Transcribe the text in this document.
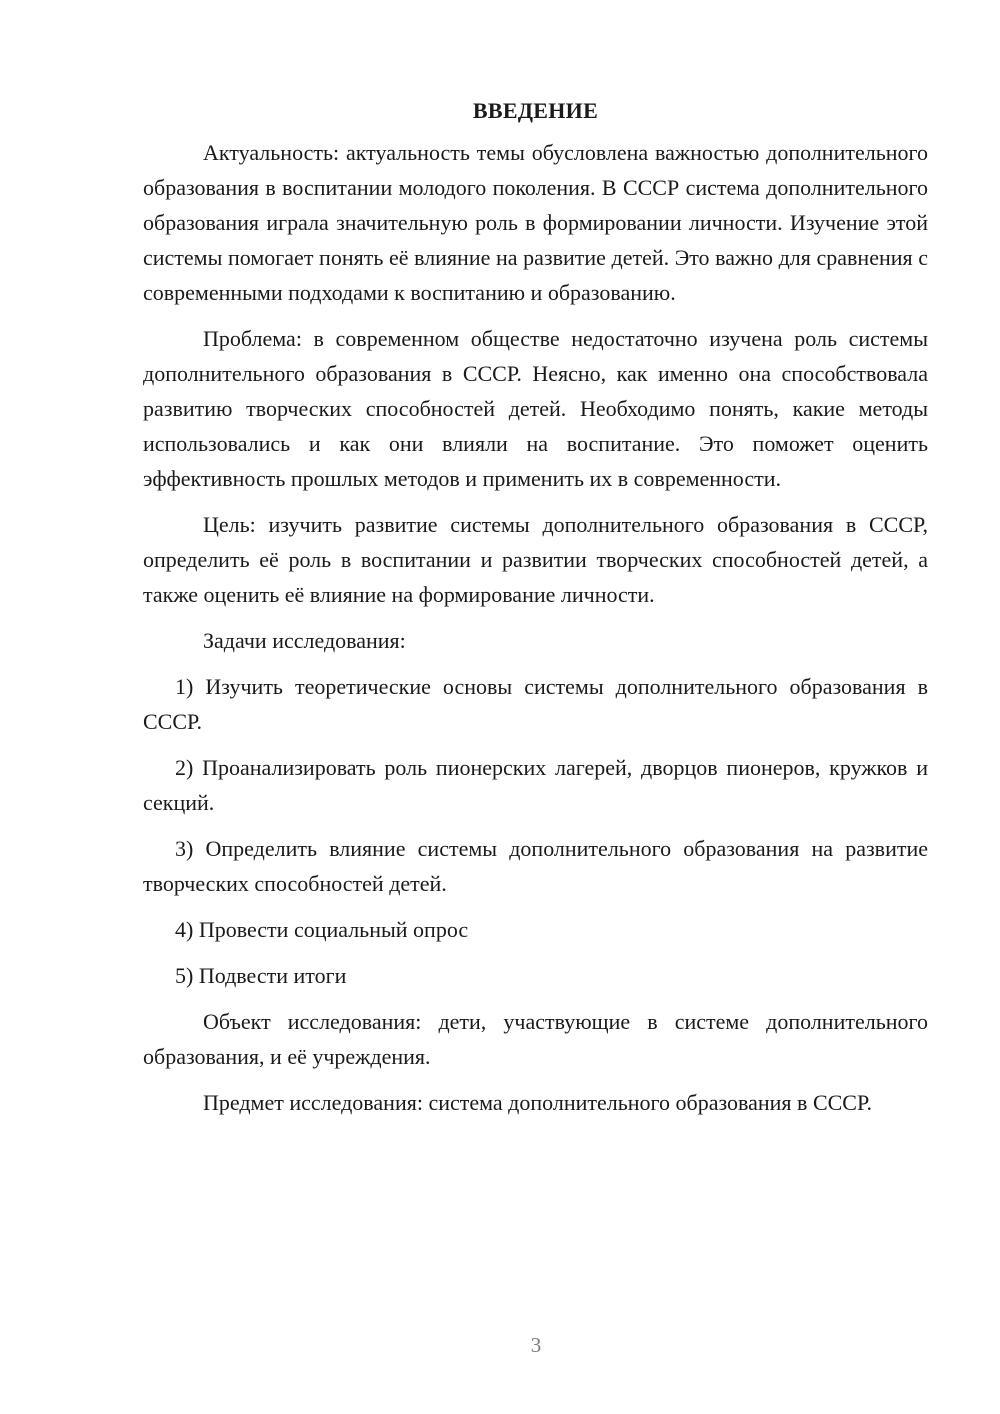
ВВЕДЕНИЕ

Актуальность: актуальность темы обусловлена важностью дополнительного образования в воспитании молодого поколения. В СССР система дополнительного образования играла значительную роль в формировании личности. Изучение этой системы помогает понять её влияние на развитие детей. Это важно для сравнения с современными подходами к воспитанию и образованию.

Проблема: в современном обществе недостаточно изучена роль системы дополнительного образования в СССР. Неясно, как именно она способствовала развитию творческих способностей детей. Необходимо понять, какие методы использовались и как они влияли на воспитание. Это поможет оценить эффективность прошлых методов и применить их в современности.

Цель: изучить развитие системы дополнительного образования в СССР, определить её роль в воспитании и развитии творческих способностей детей, а также оценить её влияние на формирование личности.

Задачи исследования:

1) Изучить теоретические основы системы дополнительного образования в СССР.

2) Проанализировать роль пионерских лагерей, дворцов пионеров, кружков и секций.

3) Определить влияние системы дополнительного образования на развитие творческих способностей детей.

4) Провести социальный опрос

5) Подвести итоги

Объект исследования: дети, участвующие в системе дополнительного образования, и её учреждения.

Предмет исследования: система дополнительного образования в СССР.

3
